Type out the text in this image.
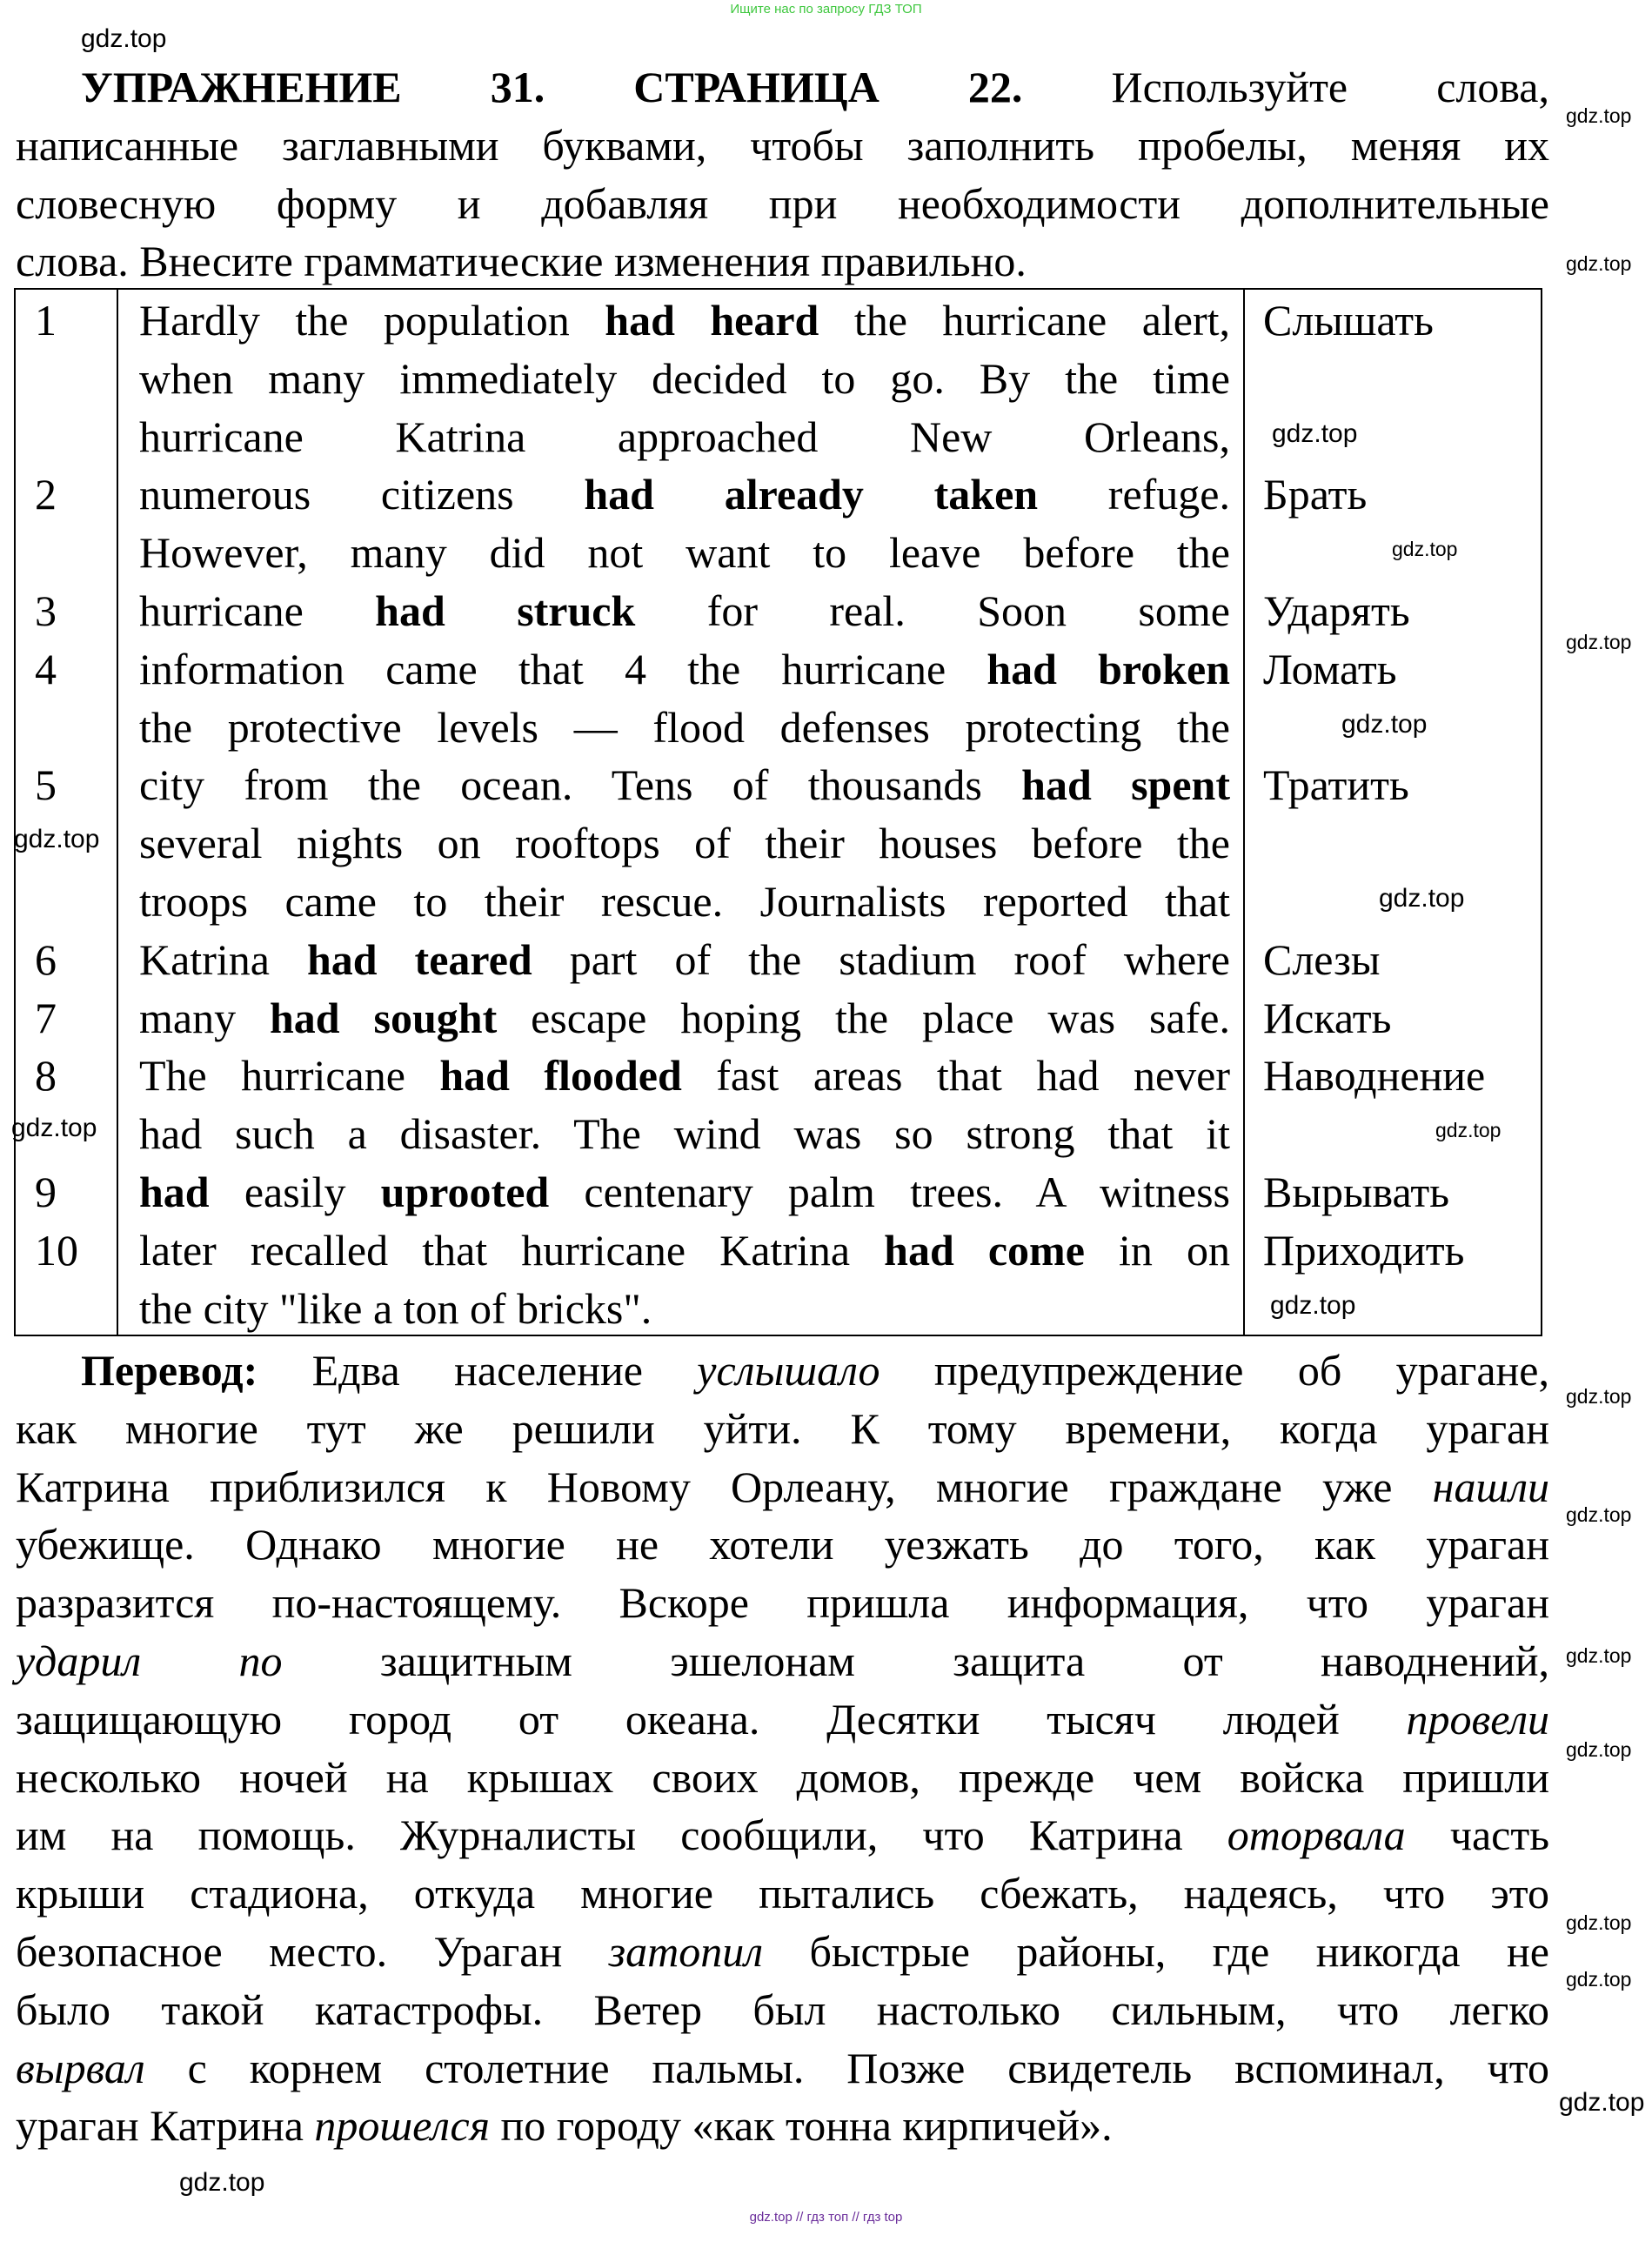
Ищите нас по запросу ГДЗ ТОП
УПРАЖНЕНИЕ 31. СТРАНИЦА 22. Используйте слова,
написанные заглавными буквами, чтобы заполнить пробелы, меняя их
словесную форму и добавляя при необходимости дополнительные
слова. Внесите грамматические изменения правильно.
1 Hardly the population had heard the hurricane alert, Слышать
when many immediately decided to go. By the time
hurricane Katrina approached New Orleans,
2 numerous citizens had already taken refuge. Брать
However, many did not want to leave before the
3 hurricane had struck for real. Soon some Ударять
4 information came that 4 the hurricane had broken Ломать
the protective levels — flood defenses protecting the
5 city from the ocean. Tens of thousands had spent Тратить
several nights on rooftops of their houses before the
troops came to their rescue. Journalists reported that
6 Katrina had teared part of the stadium roof where Слезы
7 many had sought escape hoping the place was safe. Искать
8 The hurricane had flooded fast areas that had never Наводнение
had such a disaster. The wind was so strong that it
9 had easily uprooted centenary palm trees. A witness Вырывать
10 later recalled that hurricane Katrina had come in on Приходить
the city "like a ton of bricks".
Перевод: Едва население услышало предупреждение об урагане,
как многие тут же решили уйти. К тому времени, когда ураган
Катрина приблизился к Новому Орлеану, многие граждане уже нашли
убежище. Однако многие не хотели уезжать до того, как ураган
разразится по-настоящему. Вскоре пришла информация, что ураган
ударил по защитным эшелонам защита от наводнений,
защищающую город от океана. Десятки тысяч людей провели
несколько ночей на крышах своих домов, прежде чем войска пришли
им на помощь. Журналисты сообщили, что Катрина оторвала часть
крыши стадиона, откуда многие пытались сбежать, надеясь, что это
безопасное место. Ураган затопил быстрые районы, где никогда не
было такой катастрофы. Ветер был настолько сильным, что легко
вырвал с корнем столетние пальмы. Позже свидетель вспоминал, что
ураган Катрина прошелся по городу «как тонна кирпичей».
gdz.top
gdz.top
gdz.top
gdz.top
gdz.top
gdz.top
gdz.top
gdz.top
gdz.top
gdz.top
gdz.top
gdz.top
gdz.top
gdz.top
gdz.top
gdz.top
gdz.top
gdz.top
gdz.top
gdz.top
gdz.top // гдз топ // гдз top
